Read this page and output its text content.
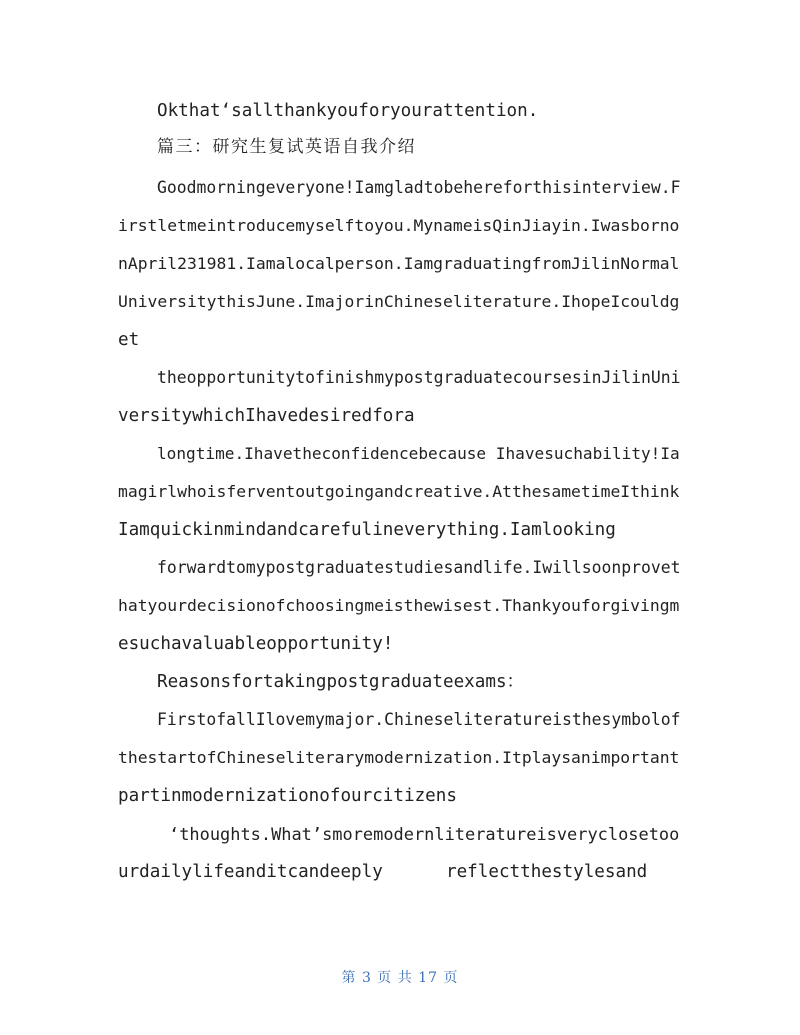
Okthat‘sallthankyouforyourattention.
篇三：研究生复试英语自我介绍
Goodmorningeveryone!Iamgladtobehereforthisinterview.F
irstletmeintroducemyselftoyou.MynameisQinJiayin.Iwasborno
nApril231981.Iamalocalperson.IamgraduatingfromJilinNormal
UniversitythisJune.ImajorinChineseliterature.IhopeIcouldg
et
theopportunitytofinishmypostgraduatecoursesinJilinUni
versitywhichIhavedesiredfora
longtime.Ihavetheconfidencebecause Ihavesuchability!Ia
magirlwhoisferventoutgoingandcreative.AtthesametimeIthink
Iamquickinmindandcarefulineverything.Iamlooking
forwardtomypostgraduatestudiesandlife.Iwillsoonprovet
hatyourdecisionofchoosingmeisthewisest.Thankyouforgivingm
esuchavaluableopportunity!
Reasonsfortakingpostgraduateexams：
FirstofallIlovemymajor.Chineseliteratureisthesymbolof
thestartofChineseliterarymodernization.Itplaysanimportant
partinmodernizationofourcitizens
‘thoughts.What’smoremodernliteratureisveryclosetoo
urdailylifeanditcandeeply	reflectthestylesand
第 3 页 共 17 页
